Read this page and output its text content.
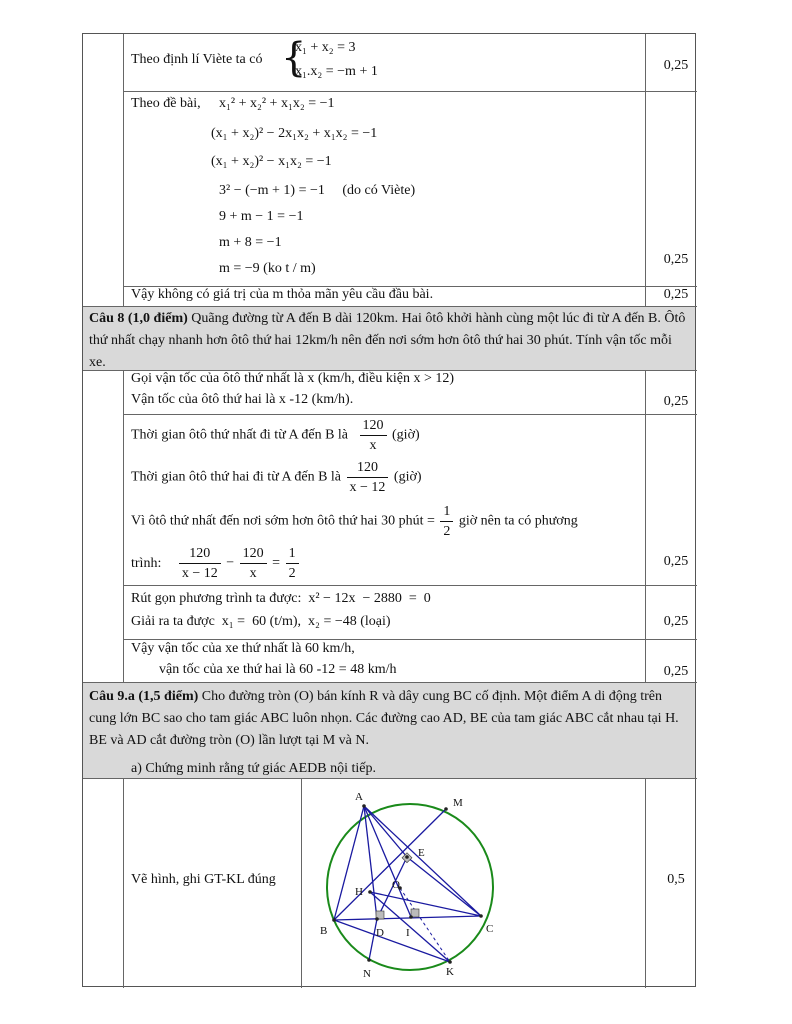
Theo định lí Viète ta có {
x₁ + x₂ = 3
x₁.x₂ = −m + 1	0,25
Theo đề bài, x₁² + x₂² + x₁x₂ = −1
(x₁ + x₂)² − 2x₁x₂ + x₁x₂ = −1
(x₁ + x₂)² − x₁x₂ = −1
3² − (−m + 1) = −1     (do có Viète)
9 + m − 1 = −1
m + 8 = −1
m = −9 (ko t / m)
0,25
Vậy không có giá trị của m thỏa mãn yêu cầu đầu bài.	0,25
Câu 8 (1,0 điểm) Quãng đường từ A đến B dài 120km. Hai ôtô khởi hành cùng một lúc đi từ A đến B. Ôtô thứ nhất chạy nhanh hơn ôtô thứ hai 12km/h nên đến nơi sớm hơn ôtô thứ hai 30 phút. Tính vận tốc mỗi xe.
Gọi vận tốc của ôtô thứ nhất là x (km/h, điều kiện x > 12)
Vận tốc của ôtô thứ hai là x -12 (km/h).	0,25
Thời gian ôtô thứ nhất đi từ A đến B là $\frac{120}{x}$ (giờ)
Thời gian ôtô thứ hai đi từ A đến B là $\frac{120}{x - 12}$ (giờ)
Vì ôtô thứ nhất đến nơi sớm hơn ôtô thứ hai 30 phút = $\frac{1}{2}$ giờ nên ta có phương
trình: $\frac{120}{x - 12} - \frac{120}{x} = \frac{1}{2}$	0,25
Rút gọn phương trình ta được:  x² − 12x  − 2880  =  0
Giải ra ta được  x₁ =  60 (t/m),  x₂ = −48 (loại)	0,25
Vậy vận tốc của xe thứ nhất là 60 km/h,
vận tốc của xe thứ hai là 60 -12 = 48 km/h	0,25
Câu 9.a (1,5 điểm) Cho đường tròn (O) bán kính R và dây cung BC cố định. Một điểm A di động trên cung lớn BC sao cho tam giác ABC luôn nhọn. Các đường cao AD, BE của tam giác ABC cắt nhau tại H. BE và AD cắt đường tròn (O) lần lượt tại M và N.
a) Chứng minh rằng tứ giác AEDB nội tiếp.
Vẽ hình, ghi GT-KL đúng	0,5
A	M
E
H
O
B	D I	C
N	K
